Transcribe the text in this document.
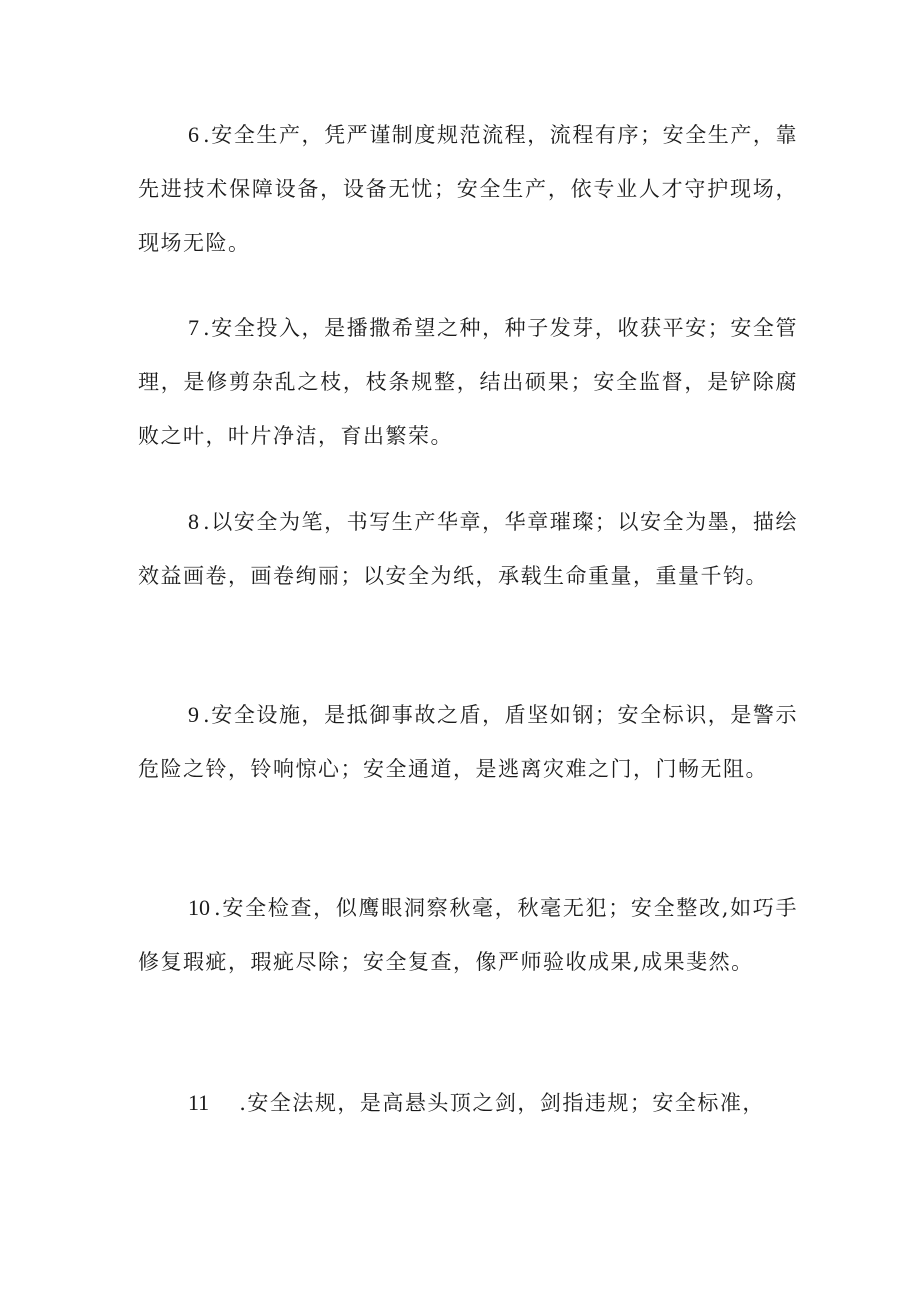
6 .安全生产，凭严谨制度规范流程，流程有序；安全生产，靠先进技术保障设备，设备无忧；安全生产，依专业人才守护现场，现场无险。

7 .安全投入，是播撒希望之种，种子发芽，收获平安；安全管理，是修剪杂乱之枝，枝条规整，结出硕果；安全监督，是铲除腐败之叶，叶片净洁，育出繁荣。

8 .以安全为笔，书写生产华章，华章璀璨；以安全为墨，描绘效益画卷，画卷绚丽；以安全为纸，承载生命重量，重量千钧。

9 .安全设施，是抵御事故之盾，盾坚如钢；安全标识，是警示危险之铃，铃响惊心；安全通道，是逃离灾难之门，门畅无阻。

10 .安全检查，似鹰眼洞察秋毫，秋毫无犯；安全整改,如巧手修复瑕疵，瑕疵尽除；安全复查，像严师验收成果,成果斐然。

11 .安全法规，是高悬头顶之剑，剑指违规；安全标准，
